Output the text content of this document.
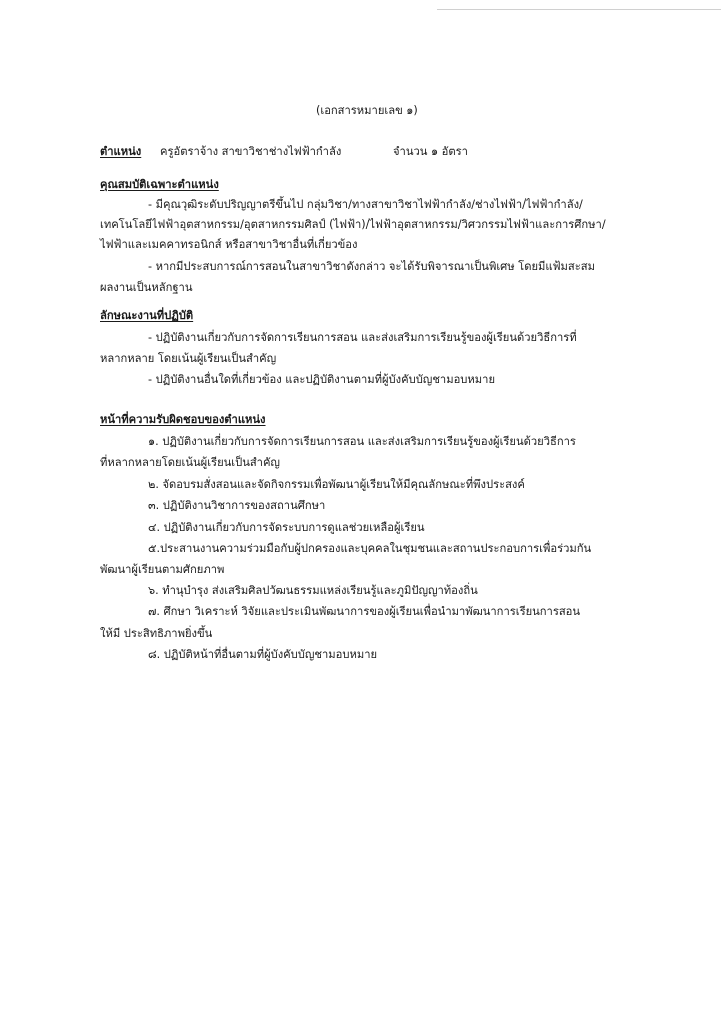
(เอกสารหมายเลข ๑)
ตำแหน่ง ครูอัตราจ้าง สาขาวิชาช่างไฟฟ้ากำลัง	จำนวน ๑ อัตรา
คุณสมบัติเฉพาะตำแหน่ง
- มีคุณวุฒิระดับปริญญาตรีขึ้นไป กลุ่มวิชา/ทางสาขาวิชาไฟฟ้ากำลัง/ช่างไฟฟ้า/ไฟฟ้ากำลัง/
เทคโนโลยีไฟฟ้าอุตสาหกรรม/อุตสาหกรรมศิลป์ (ไฟฟ้า)/ไฟฟ้าอุตสาหกรรม/วิศวกรรมไฟฟ้าและการศึกษา/
ไฟฟ้าและเมคคาทรอนิกส์ หรือสาขาวิชาอื่นที่เกี่ยวข้อง
- หากมีประสบการณ์การสอนในสาขาวิชาดังกล่าว จะได้รับพิจารณาเป็นพิเศษ โดยมีแฟ้มสะสม
ผลงานเป็นหลักฐาน
ลักษณะงานที่ปฏิบัติ
- ปฏิบัติงานเกี่ยวกับการจัดการเรียนการสอน และส่งเสริมการเรียนรู้ของผู้เรียนด้วยวิธีการที่
หลากหลาย โดยเน้นผู้เรียนเป็นสำคัญ
- ปฏิบัติงานอื่นใดที่เกี่ยวข้อง และปฏิบัติงานตามที่ผู้บังคับบัญชามอบหมาย
หน้าที่ความรับผิดชอบของตำแหน่ง
๑. ปฏิบัติงานเกี่ยวกับการจัดการเรียนการสอน และส่งเสริมการเรียนรู้ของผู้เรียนด้วยวิธีการ
ที่หลากหลายโดยเน้นผู้เรียนเป็นสำคัญ
๒. จัดอบรมสั่งสอนและจัดกิจกรรมเพื่อพัฒนาผู้เรียนให้มีคุณลักษณะที่พึงประสงค์
๓. ปฏิบัติงานวิชาการของสถานศึกษา
๔. ปฏิบัติงานเกี่ยวกับการจัดระบบการดูแลช่วยเหลือผู้เรียน
๕.ประสานงานความร่วมมือกับผู้ปกครองและบุคคลในชุมชนและสถานประกอบการเพื่อร่วมกัน
พัฒนาผู้เรียนตามศักยภาพ
๖. ทำนุบำรุง ส่งเสริมศิลปวัฒนธรรมแหล่งเรียนรู้และภูมิปัญญาท้องถิ่น
๗. ศึกษา วิเคราะห์ วิจัยและประเมินพัฒนาการของผู้เรียนเพื่อนำมาพัฒนาการเรียนการสอน
ให้มี ประสิทธิภาพยิ่งขึ้น
๘. ปฏิบัติหน้าที่อื่นตามที่ผู้บังคับบัญชามอบหมาย
